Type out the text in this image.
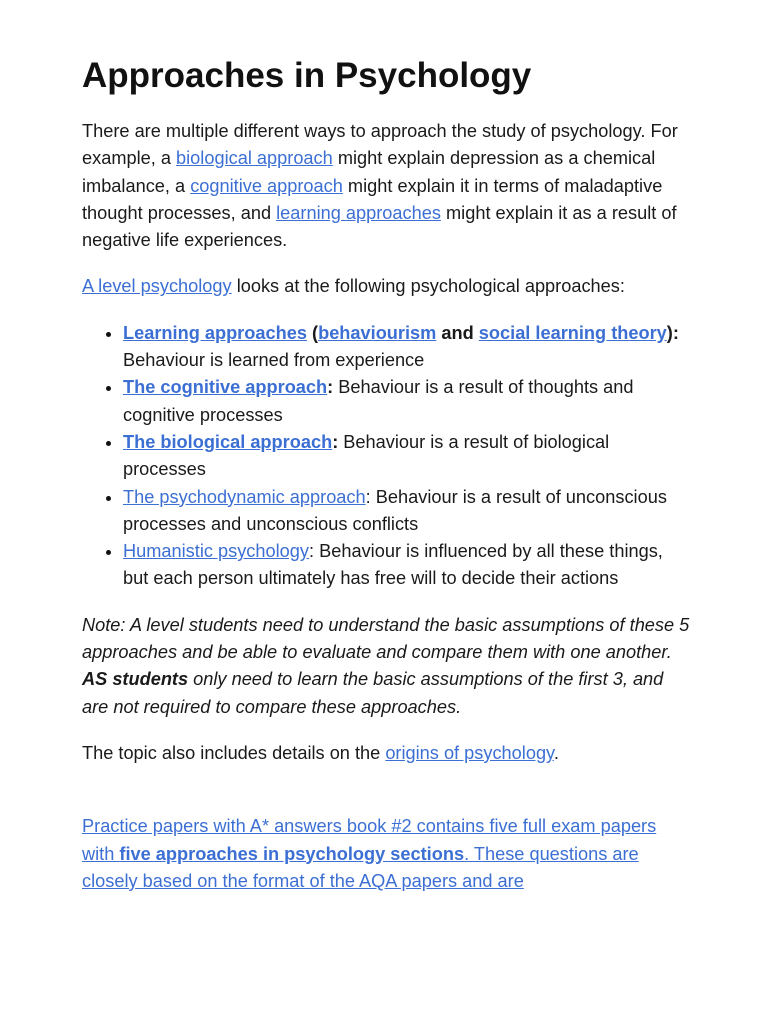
Approaches in Psychology

There are multiple different ways to approach the study of psychology. For example, a biological approach might explain depression as a chemical imbalance, a cognitive approach might explain it in terms of maladaptive thought processes, and learning approaches might explain it as a result of negative life experiences.

A level psychology looks at the following psychological approaches:

• Learning approaches (behaviourism and social learning theory): Behaviour is learned from experience
• The cognitive approach: Behaviour is a result of thoughts and cognitive processes
• The biological approach: Behaviour is a result of biological processes
• The psychodynamic approach: Behaviour is a result of unconscious processes and unconscious conflicts
• Humanistic psychology: Behaviour is influenced by all these things, but each person ultimately has free will to decide their actions

Note: A level students need to understand the basic assumptions of these 5 approaches and be able to evaluate and compare them with one another. AS students only need to learn the basic assumptions of the first 3, and are not required to compare these approaches.

The topic also includes details on the origins of psychology.

Practice papers with A* answers book #2 contains five full exam papers with five approaches in psychology sections. These questions are closely based on the format of the AQA papers and are
